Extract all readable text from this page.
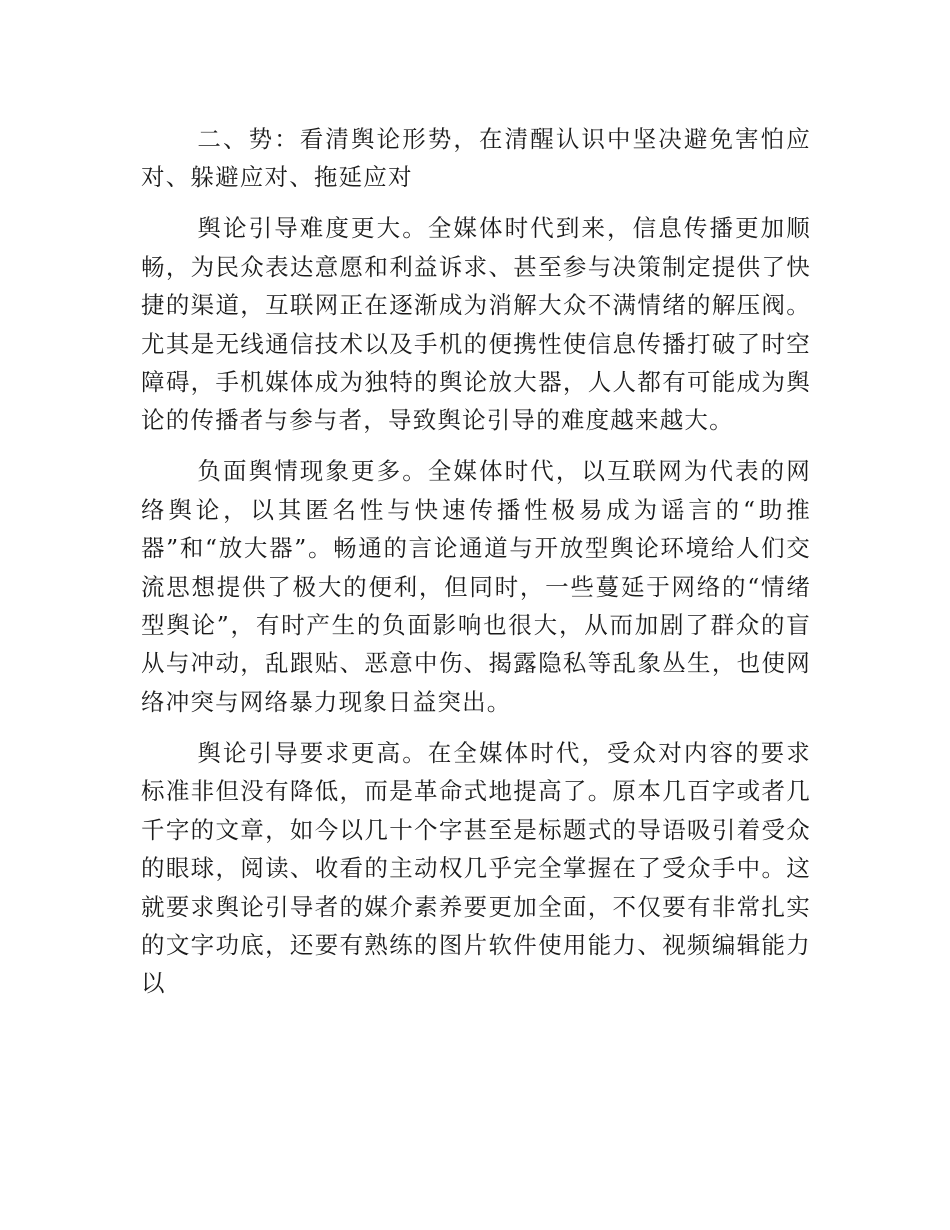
二、势：看清舆论形势，在清醒认识中坚决避免害怕应对、躲避应对、拖延应对

舆论引导难度更大。全媒体时代到来，信息传播更加顺畅，为民众表达意愿和利益诉求、甚至参与决策制定提供了快捷的渠道，互联网正在逐渐成为消解大众不满情绪的解压阀。尤其是无线通信技术以及手机的便携性使信息传播打破了时空障碍，手机媒体成为独特的舆论放大器，人人都有可能成为舆论的传播者与参与者，导致舆论引导的难度越来越大。

负面舆情现象更多。全媒体时代，以互联网为代表的网络舆论，以其匿名性与快速传播性极易成为谣言的“助推器”和“放大器”。畅通的言论通道与开放型舆论环境给人们交流思想提供了极大的便利，但同时，一些蔓延于网络的“情绪型舆论”，有时产生的负面影响也很大，从而加剧了群众的盲从与冲动，乱跟贴、恶意中伤、揭露隐私等乱象丛生，也使网络冲突与网络暴力现象日益突出。

舆论引导要求更高。在全媒体时代，受众对内容的要求标准非但没有降低，而是革命式地提高了。原本几百字或者几千字的文章，如今以几十个字甚至是标题式的导语吸引着受众的眼球，阅读、收看的主动权几乎完全掌握在了受众手中。这就要求舆论引导者的媒介素养要更加全面，不仅要有非常扎实的文字功底，还要有熟练的图片软件使用能力、视频编辑能力以
